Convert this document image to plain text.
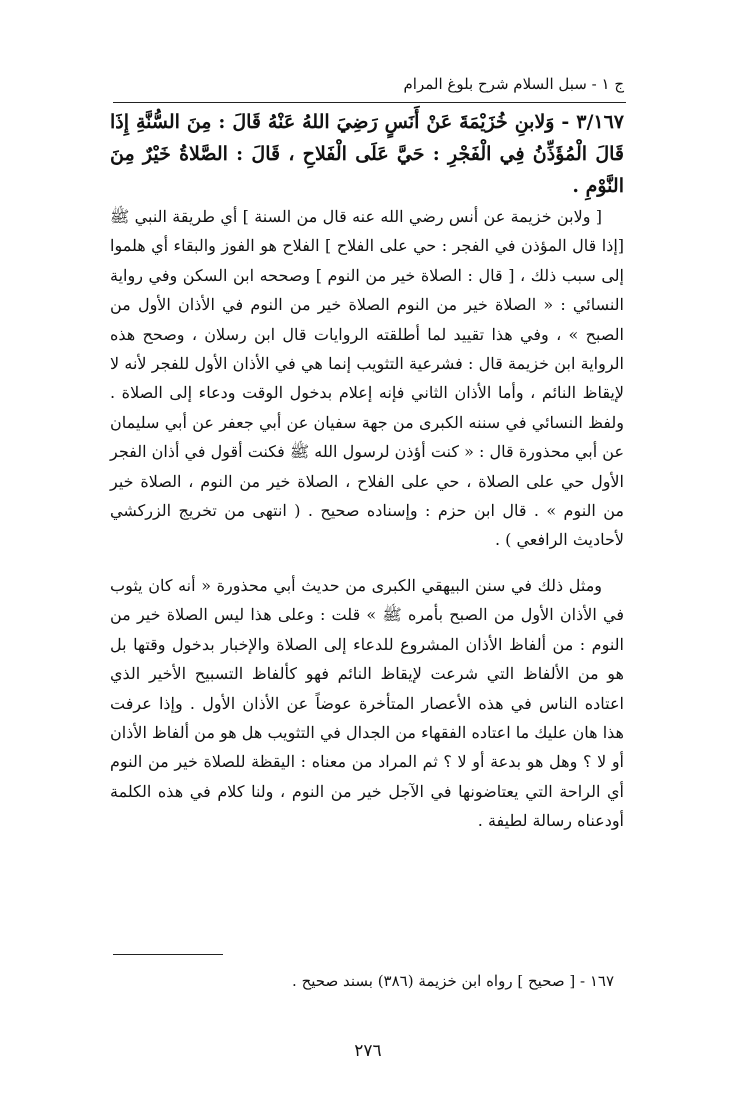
ج ١ - سبل السلام شرح بلوغ المرام

٣/١٦٧ - وَلابنِ خُزَيْمَةَ عَنْ أَنَسٍ رَضِيَ اللهُ عَنْهُ قَالَ : مِنَ السُّنَّةِ إِذَا قَالَ الْمُؤَذِّنُ فِي الْفَجْرِ : حَيَّ عَلَى الْفَلاحِ ، قَالَ : الصَّلاةُ خَيْرٌ مِنَ النَّوْمِ .

[ ولابن خزيمة عن أنس رضي الله عنه قال من السنة ] أي طريقة النبي ﷺ [إذا قال المؤذن في الفجر : حي على الفلاح ] الفلاح هو الفوز والبقاء أي هلموا إلى سبب ذلك ، [ قال : الصلاة خير من النوم ] وصححه ابن السكن وفي رواية النسائي : « الصلاة خير من النوم الصلاة خير من النوم في الأذان الأول من الصبح » ، وفي هذا تقييد لما أطلقته الروايات قال ابن رسلان ، وصحح هذه الرواية ابن خزيمة قال : فشرعية التثويب إنما هي في الأذان الأول للفجر لأنه لا لإيقاظ النائم ، وأما الأذان الثاني فإنه إعلام بدخول الوقت ودعاء إلى الصلاة . ولفظ النسائي في سننه الكبرى من جهة سفيان عن أبي جعفر عن أبي سليمان عن أبي محذورة قال : « كنت أؤذن لرسول الله ﷺ فكنت أقول في أذان الفجر الأول حي على الصلاة ، حي على الفلاح ، الصلاة خير من النوم ، الصلاة خير من النوم » . قال ابن حزم : وإسناده صحيح . ( انتهى من تخريج الزركشي لأحاديث الرافعي ) .

ومثل ذلك في سنن البيهقي الكبرى من حديث أبي محذورة « أنه كان يثوب في الأذان الأول من الصبح بأمره ﷺ » قلت : وعلى هذا ليس الصلاة خير من النوم : من ألفاظ الأذان المشروع للدعاء إلى الصلاة والإخبار بدخول وقتها بل هو من الألفاظ التي شرعت لإيقاظ النائم فهو كألفاظ التسبيح الأخير الذي اعتاده الناس في هذه الأعصار المتأخرة عوضاً عن الأذان الأول . وإذا عرفت هذا هان عليك ما اعتاده الفقهاء من الجدال في التثويب هل هو من ألفاظ الأذان أو لا ؟ وهل هو بدعة أو لا ؟ ثم المراد من معناه : اليقظة للصلاة خير من النوم أي الراحة التي يعتاضونها في الآجل خير من النوم ، ولنا كلام في هذه الكلمة أودعناه رسالة لطيفة .

١٦٧ - [ صحيح ] رواه ابن خزيمة (٣٨٦) بسند صحيح .
٢٧٦
